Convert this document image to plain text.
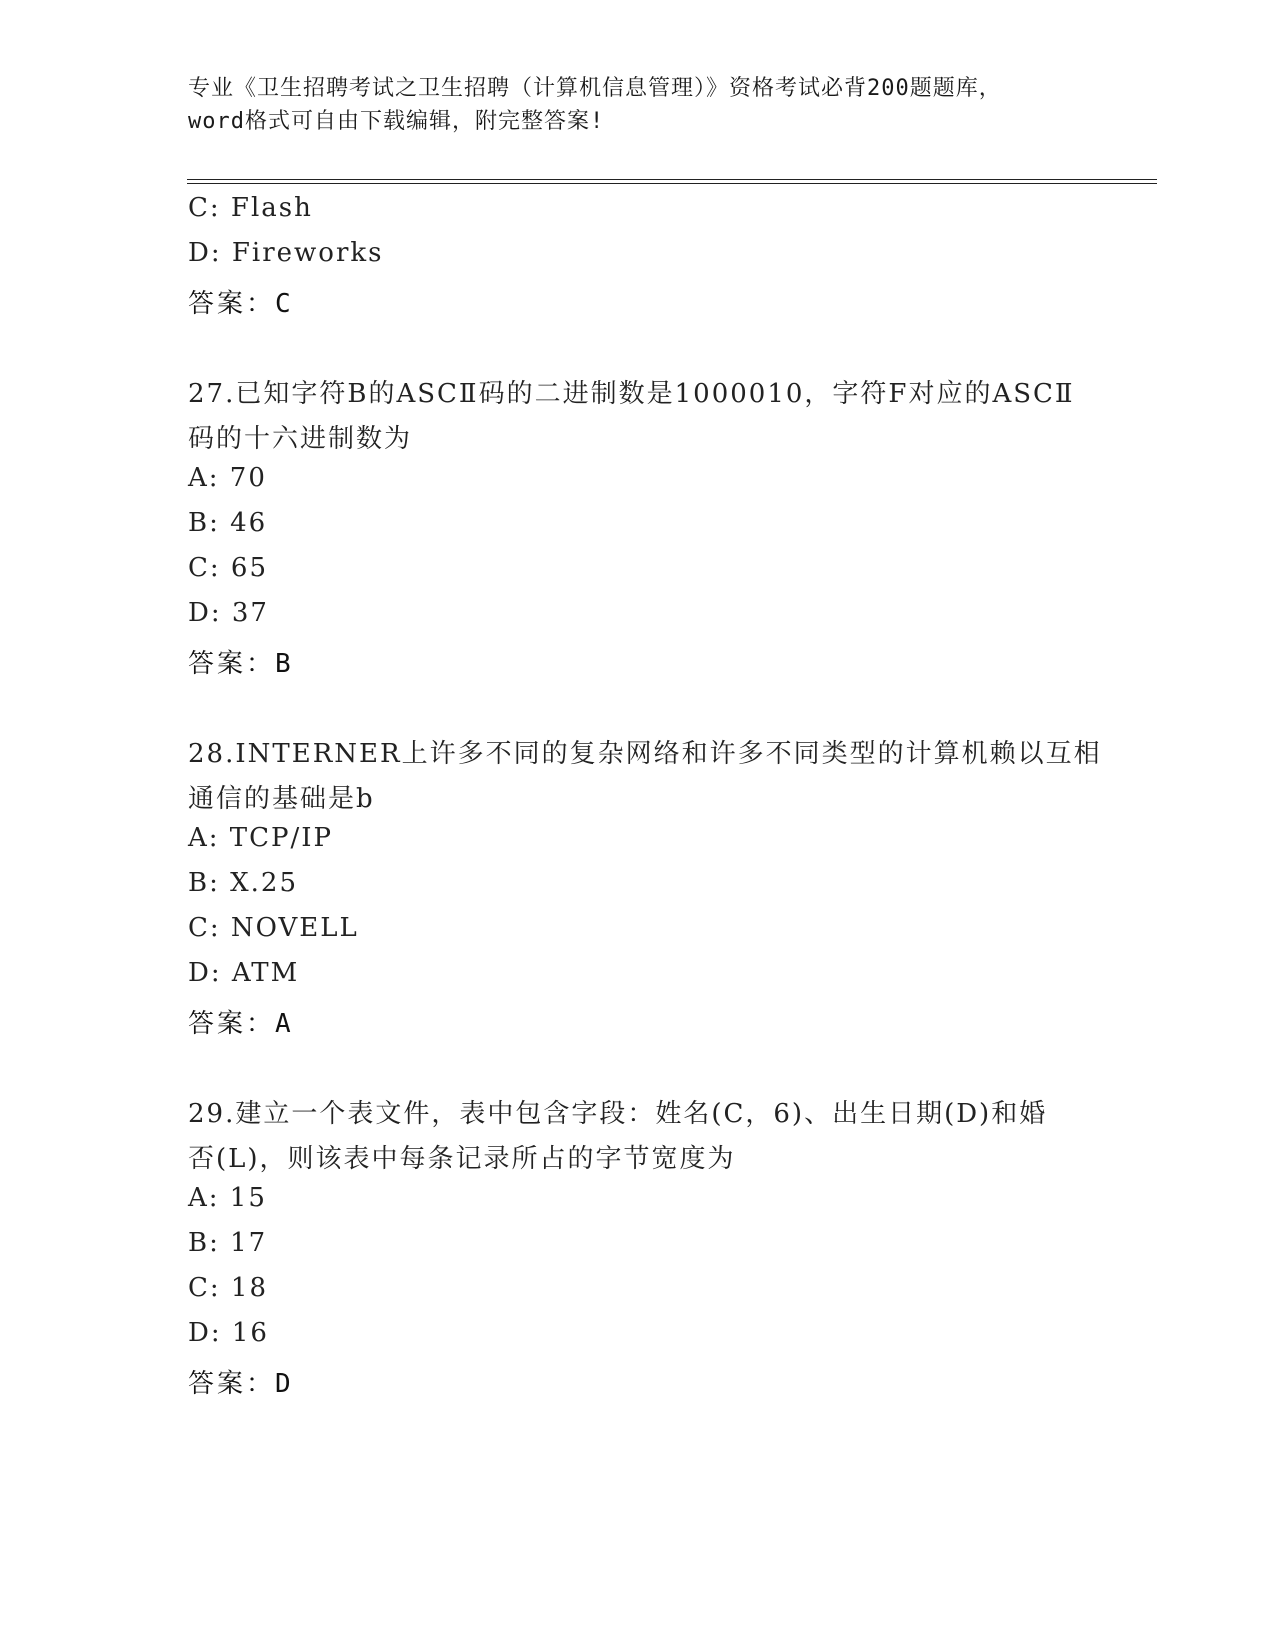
专业《卫生招聘考试之卫生招聘（计算机信息管理）》资格考试必背200题题库，

word格式可自由下载编辑，附完整答案!

C: Flash
D: Fireworks
答案：C
27.已知字符B的ASCⅡ码的二进制数是1000010，字符F对应的ASCⅡ
码的十六进制数为
A: 70
B: 46
C: 65
D: 37
答案：B
28.INTERNER上许多不同的复杂网络和许多不同类型的计算机赖以互相
通信的基础是b
A: TCP/IP
B: X.25
C: NOVELL
D: ATM
答案：A
29.建立一个表文件，表中包含字段：姓名(C，6)、出生日期(D)和婚
否(L)，则该表中每条记录所占的字节宽度为
A: 15
B: 17
C: 18
D: 16
答案：D
